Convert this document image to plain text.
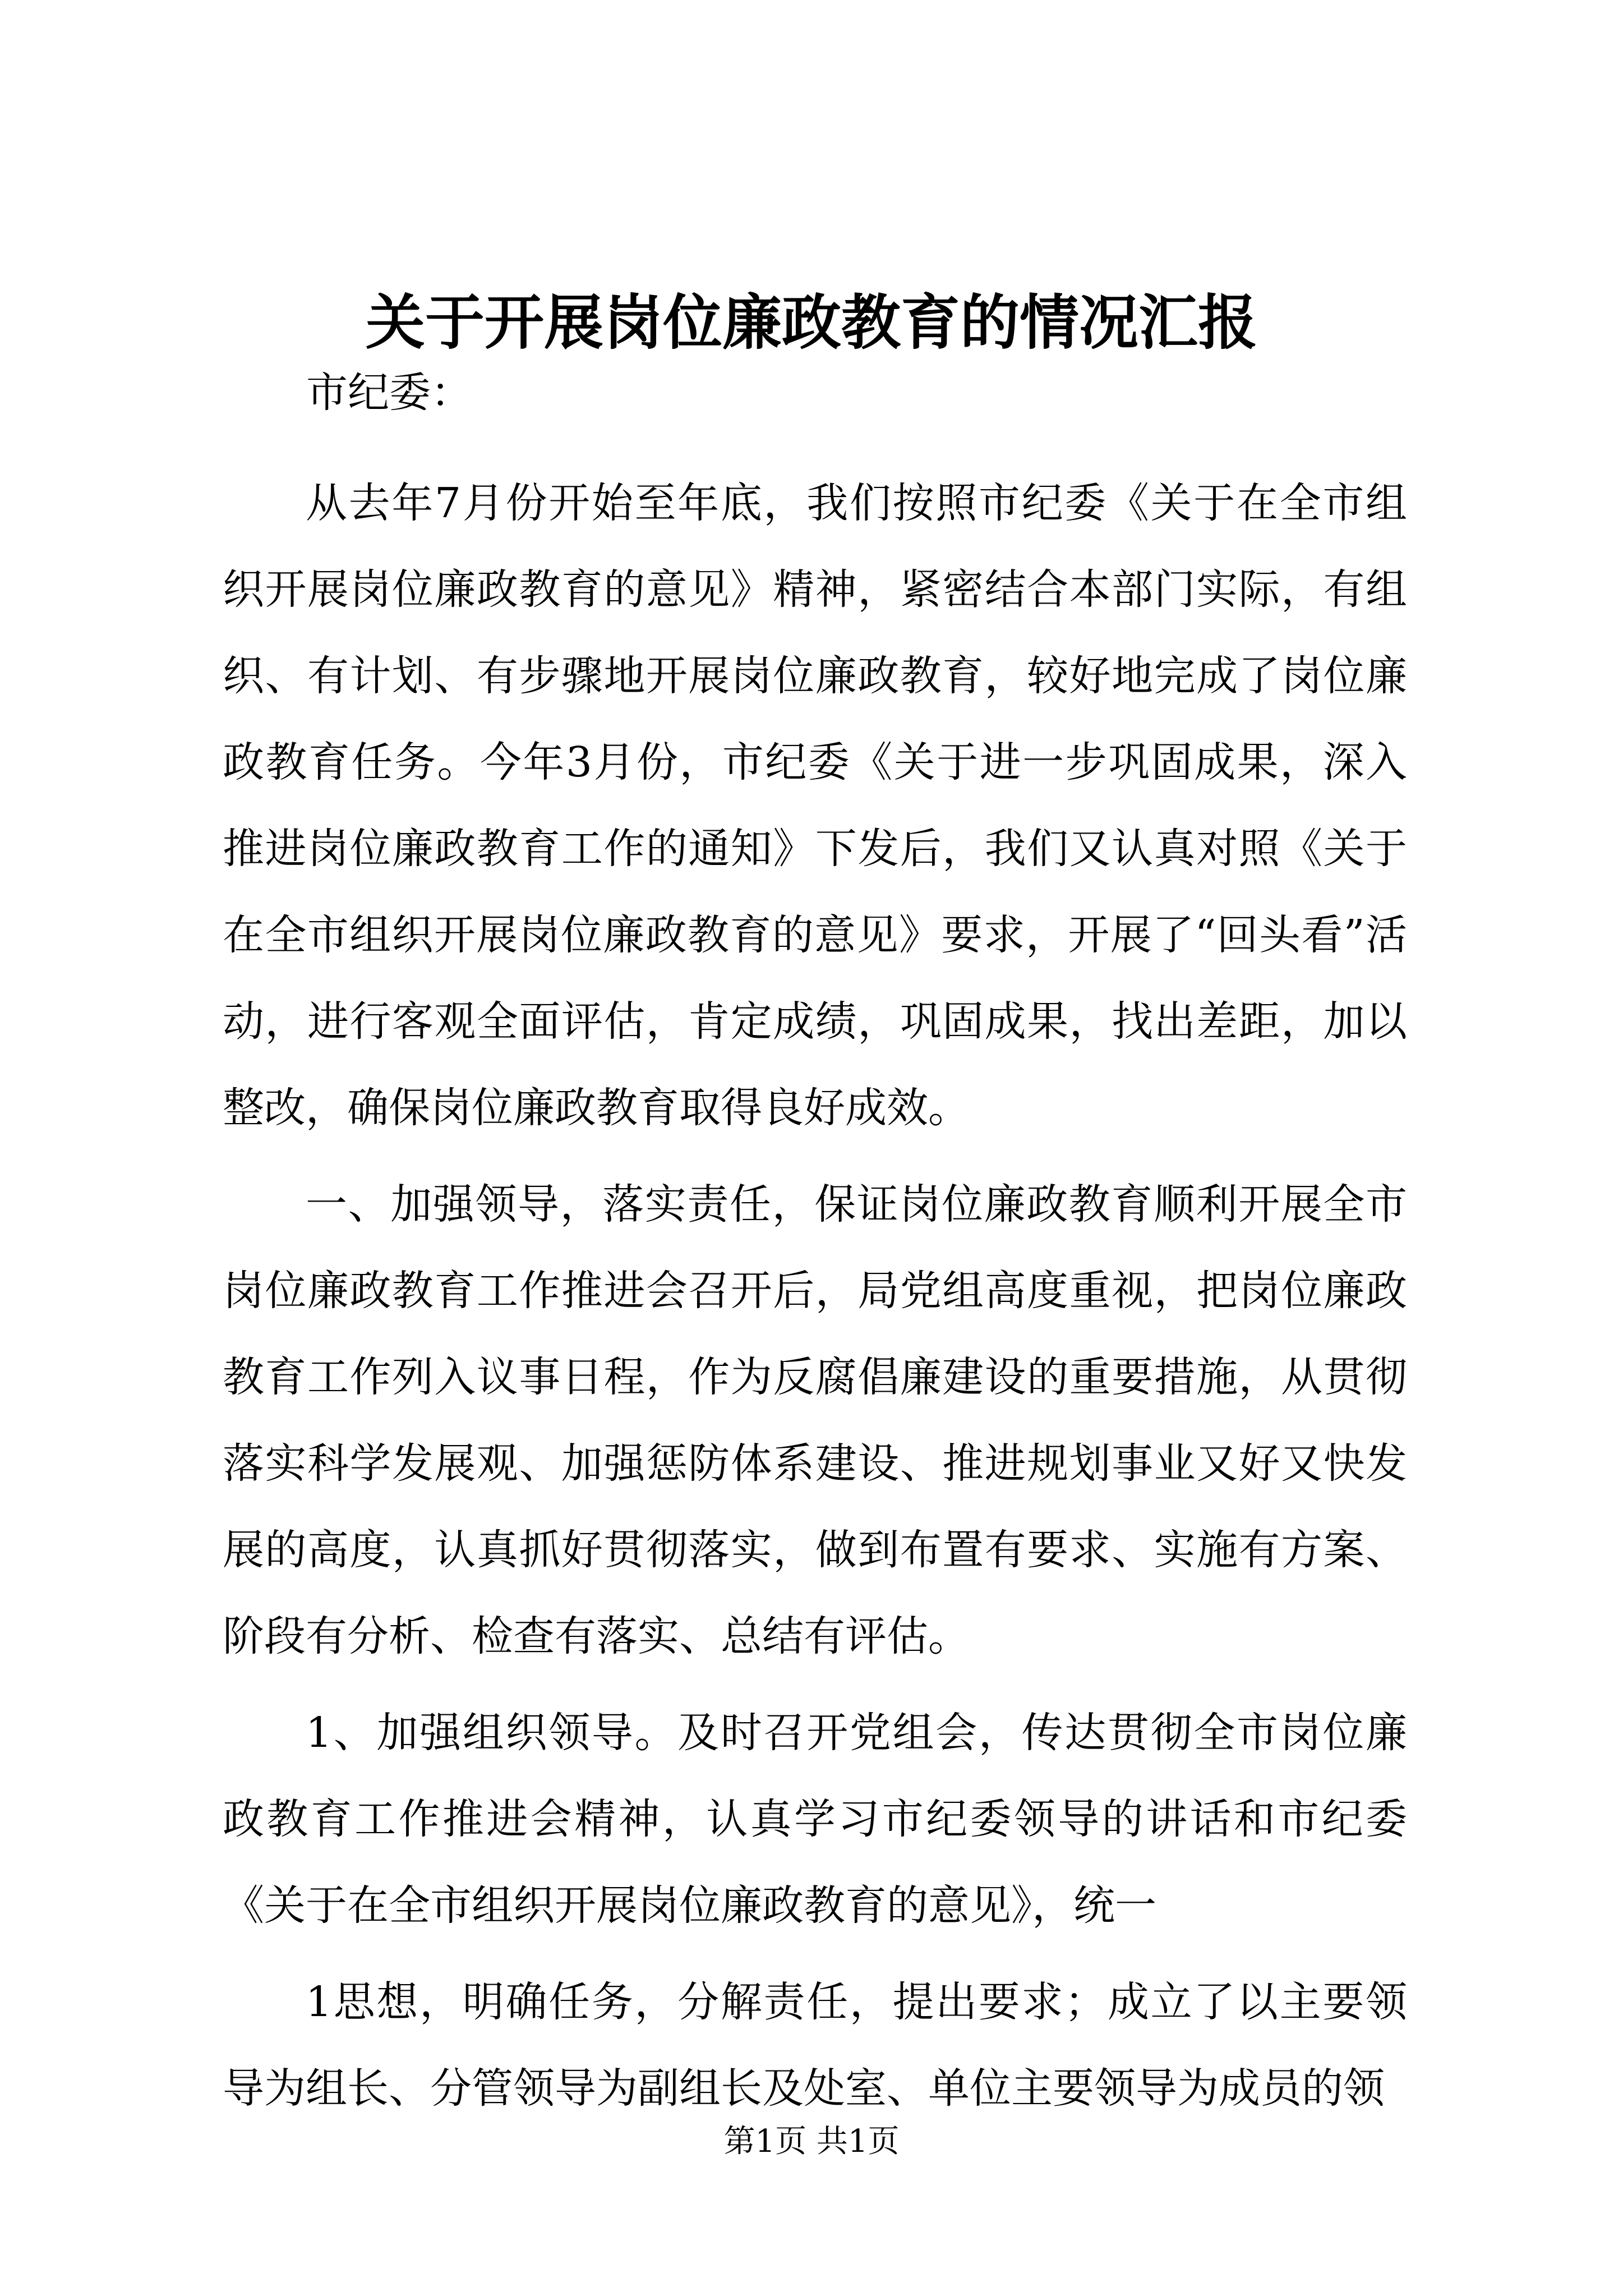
关于开展岗位廉政教育的情况汇报
市纪委：

从去年7月份开始至年底，我们按照市纪委《关于在全市组织开展岗位廉政教育的意见》精神，紧密结合本部门实际，有组织、有计划、有步骤地开展岗位廉政教育，较好地完成了岗位廉政教育任务。今年3月份，市纪委《关于进一步巩固成果，深入推进岗位廉政教育工作的通知》下发后，我们又认真对照《关于在全市组织开展岗位廉政教育的意见》要求，开展了“回头看”活动，进行客观全面评估，肯定成绩，巩固成果，找出差距，加以整改，确保岗位廉政教育取得良好成效。

一、加强领导，落实责任，保证岗位廉政教育顺利开展全市岗位廉政教育工作推进会召开后，局党组高度重视，把岗位廉政教育工作列入议事日程，作为反腐倡廉建设的重要措施，从贯彻落实科学发展观、加强惩防体系建设、推进规划事业又好又快发展的高度，认真抓好贯彻落实，做到布置有要求、实施有方案、阶段有分析、检查有落实、总结有评估。

1、加强组织领导。及时召开党组会，传达贯彻全市岗位廉政教育工作推进会精神，认真学习市纪委领导的讲话和市纪委《关于在全市组织开展岗位廉政教育的意见》，统一

1思想，明确任务，分解责任，提出要求；成立了以主要领导为组长、分管领导为副组长及处室、单位主要领导为成员的领

第1页 共1页
